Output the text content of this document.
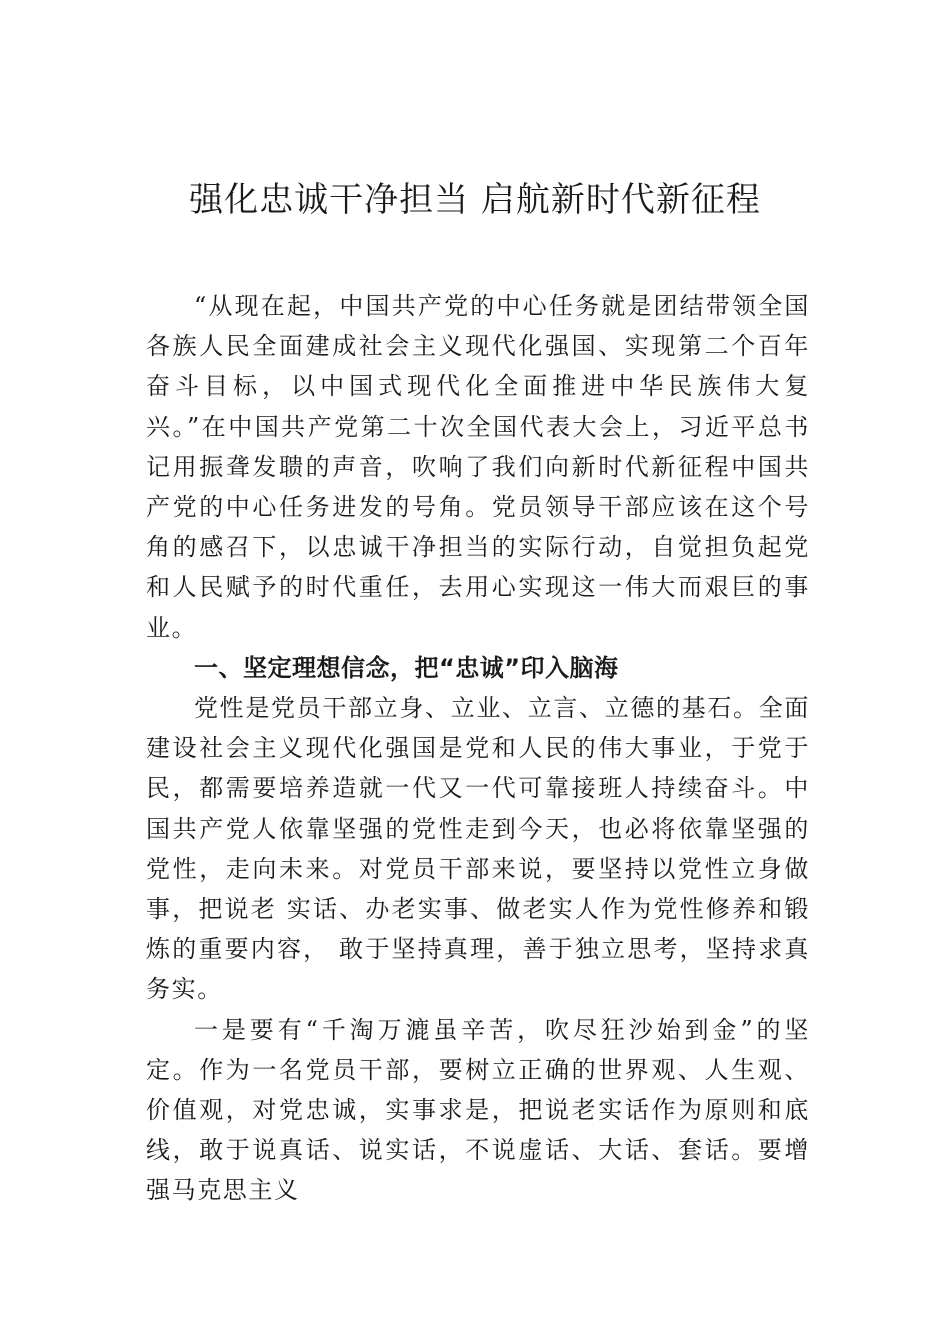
强化忠诚干净担当 启航新时代新征程

“从现在起，中国共产党的中心任务就是团结带领全国各族人民全面建成社会主义现代化强国、实现第二个百年奋斗目标，以中国式现代化全面推进中华民族伟大复兴。”在中国共产党第二十次全国代表大会上，习近平总书记用振聋发聩的声音，吹响了我们向新时代新征程中国共产党的中心任务进发的号角。党员领导干部应该在这个号角的感召下，以忠诚干净担当的实际行动，自觉担负起党和人民赋予的时代重任，去用心实现这一伟大而艰巨的事业。

一、坚定理想信念，把“忠诚”印入脑海

党性是党员干部立身、立业、立言、立德的基石。全面建设社会主义现代化强国是党和人民的伟大事业，于党于民，都需要培养造就一代又一代可靠接班人持续奋斗。中国共产党人依靠坚强的党性走到今天，也必将依靠坚强的党性，走向未来。对党员干部来说，要坚持以党性立身做事，把说老 实话、办老实事、做老实人作为党性修养和锻炼的重要内容， 敢于坚持真理，善于独立思考，坚持求真务实。

一是要有“千淘万漉虽辛苦，吹尽狂沙始到金”的坚定。作为一名党员干部，要树立正确的世界观、人生观、价值观，对党忠诚，实事求是，把说老实话作为原则和底线，敢于说真话、说实话，不说虚话、大话、套话。要增强马克思主义
